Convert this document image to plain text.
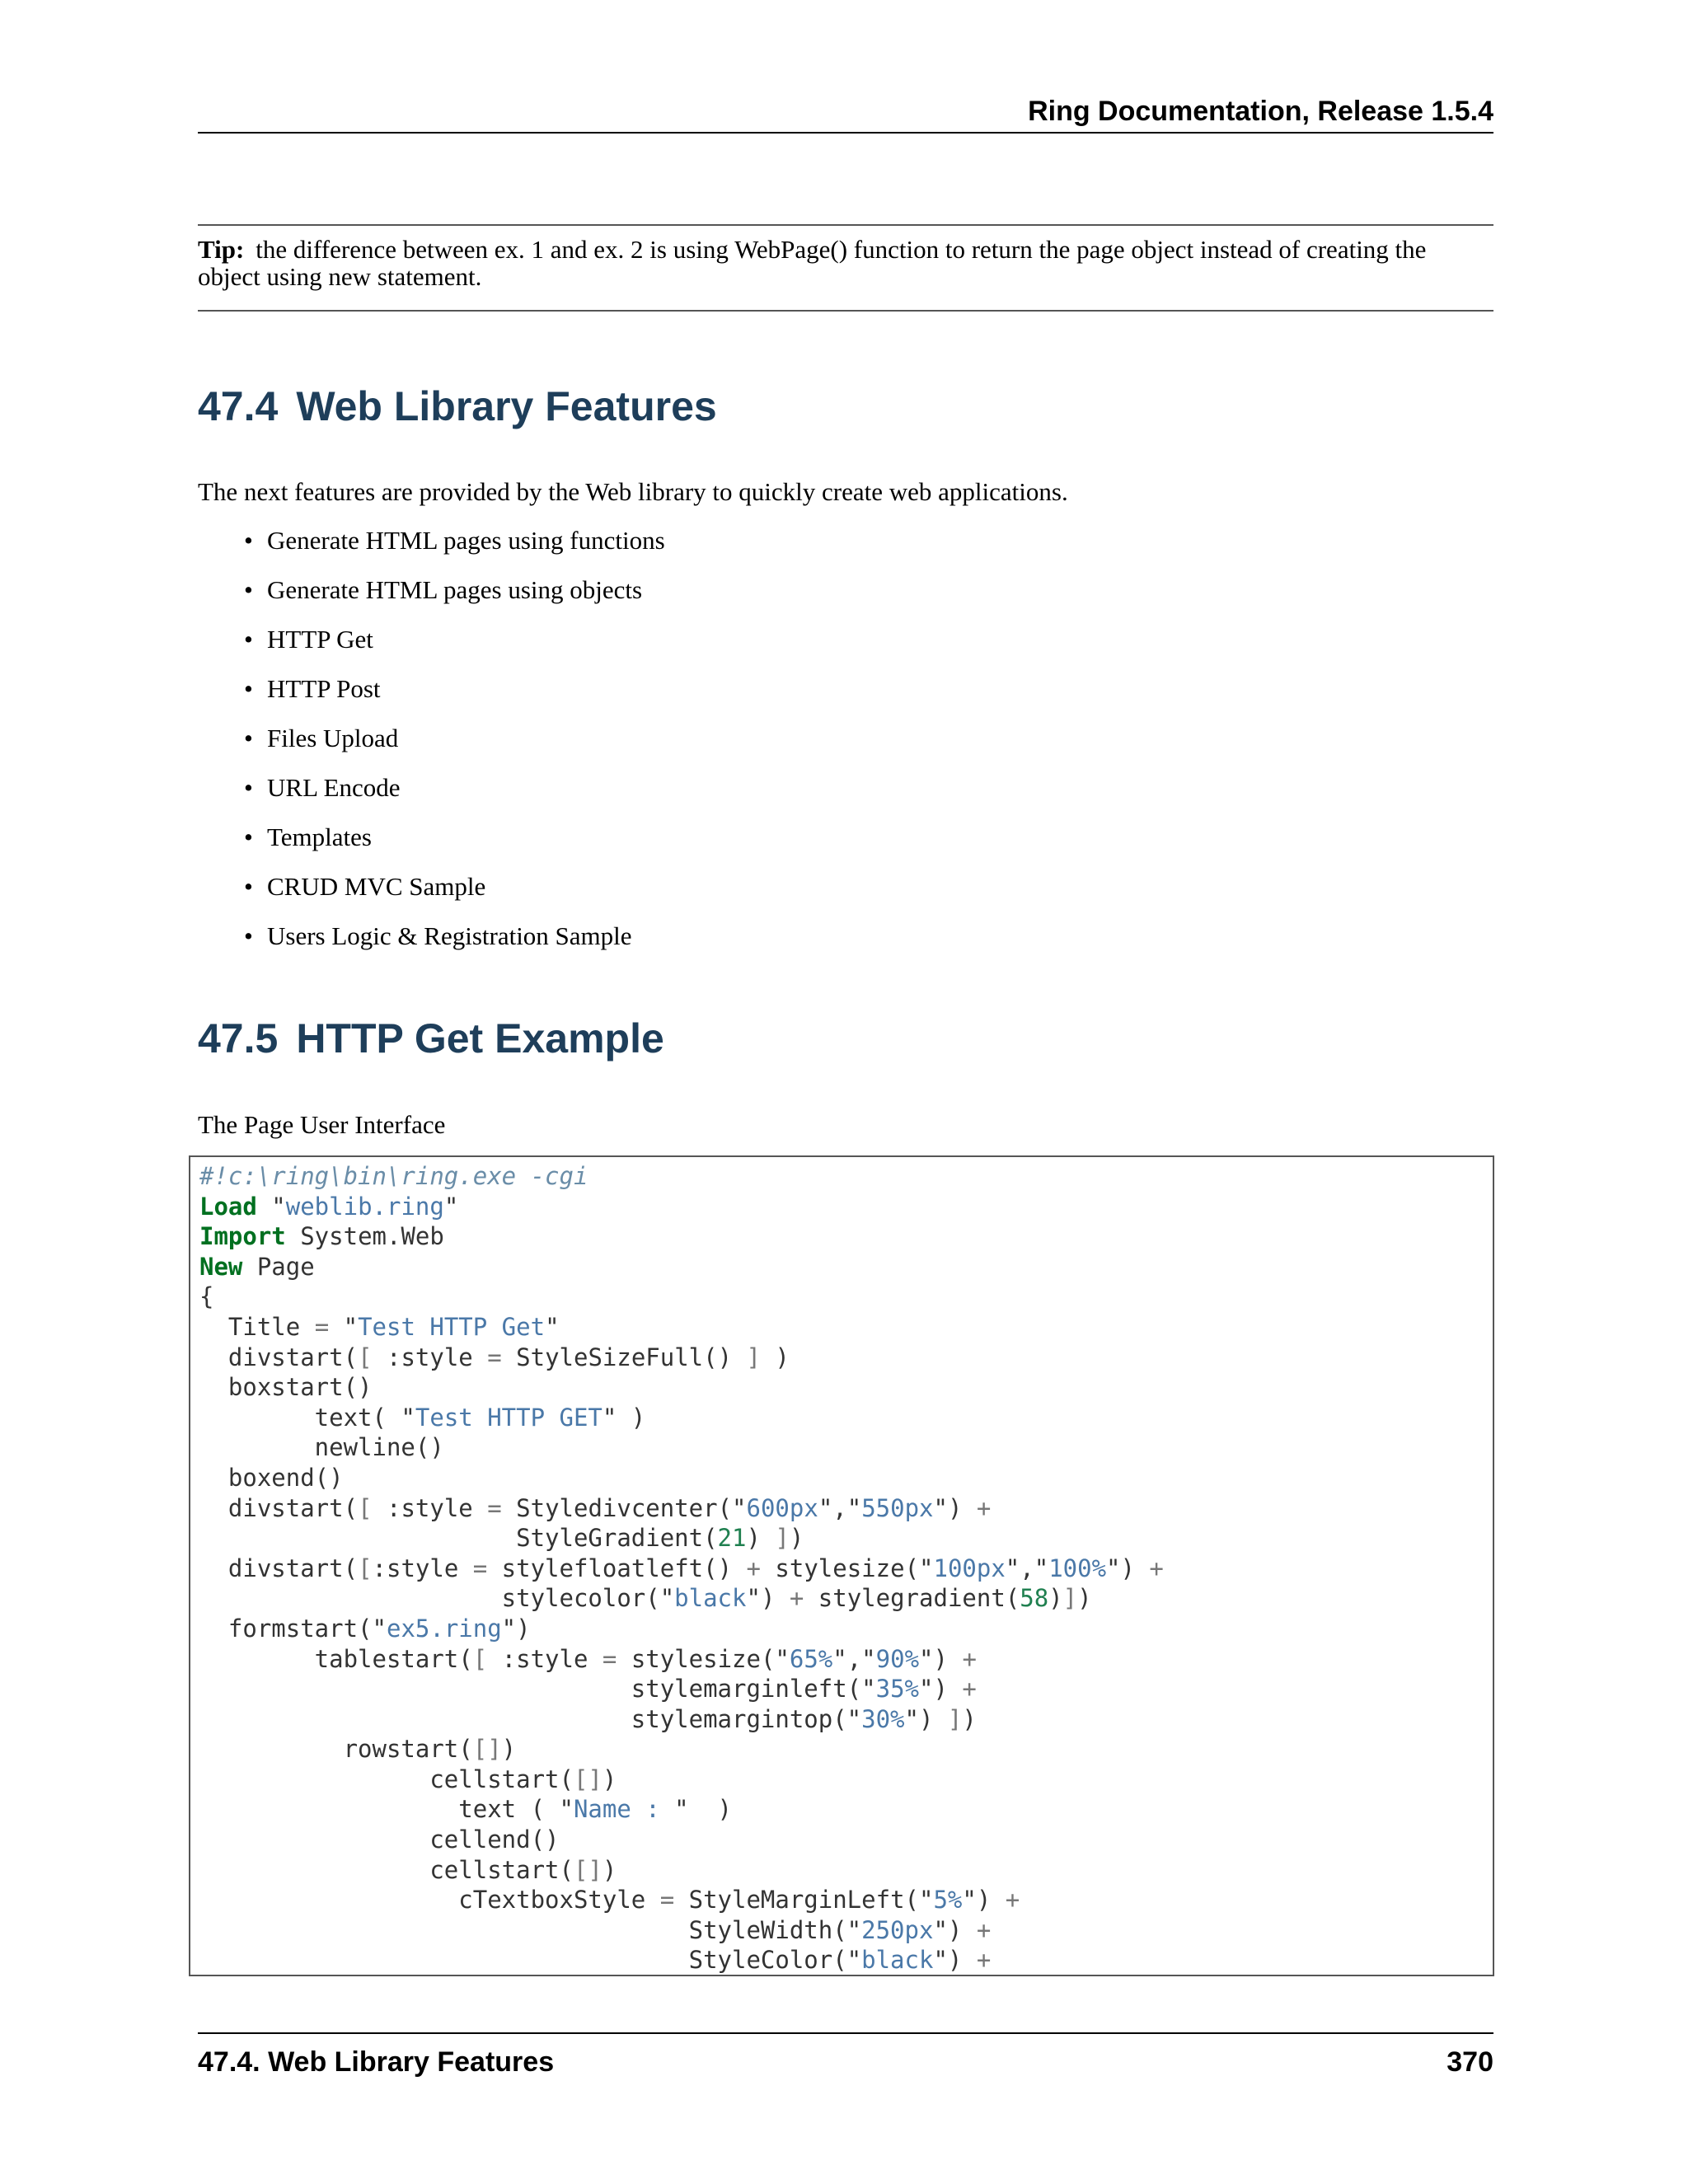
Ring Documentation, Release 1.5.4
Tip: the difference between ex. 1 and ex. 2 is using WebPage() function to return the page object instead of creating the object using new statement.
47.4 Web Library Features
The next features are provided by the Web library to quickly create web applications.
• Generate HTML pages using functions
• Generate HTML pages using objects
• HTTP Get
• HTTP Post
• Files Upload
• URL Encode
• Templates
• CRUD MVC Sample
• Users Logic & Registration Sample
47.5 HTTP Get Example
The Page User Interface
#!c:\ring\bin\ring.exe -cgi
Load "weblib.ring"
Import System.Web
New Page
{
Title = "Test HTTP Get"
divstart([ :style = StyleSizeFull() ] )
boxstart()
text( "Test HTTP GET" )
newline()
boxend()
divstart([ :style = Styledivcenter("600px","550px") +
StyleGradient(21) ])
divstart([:style = stylefloatleft() + stylesize("100px","100%") +
stylecolor("black") + stylegradient(58)])
formstart("ex5.ring")
tablestart([ :style = stylesize("65%","90%") +
stylemarginleft("35%") +
stylemargintop("30%") ])
rowstart([])
cellstart([])
text ( "Name : "  )
cellend()
cellstart([])
cTextboxStyle = StyleMarginLeft("5%") +
StyleWidth("250px") +
StyleColor("black") +
47.4. Web Library Features	370
